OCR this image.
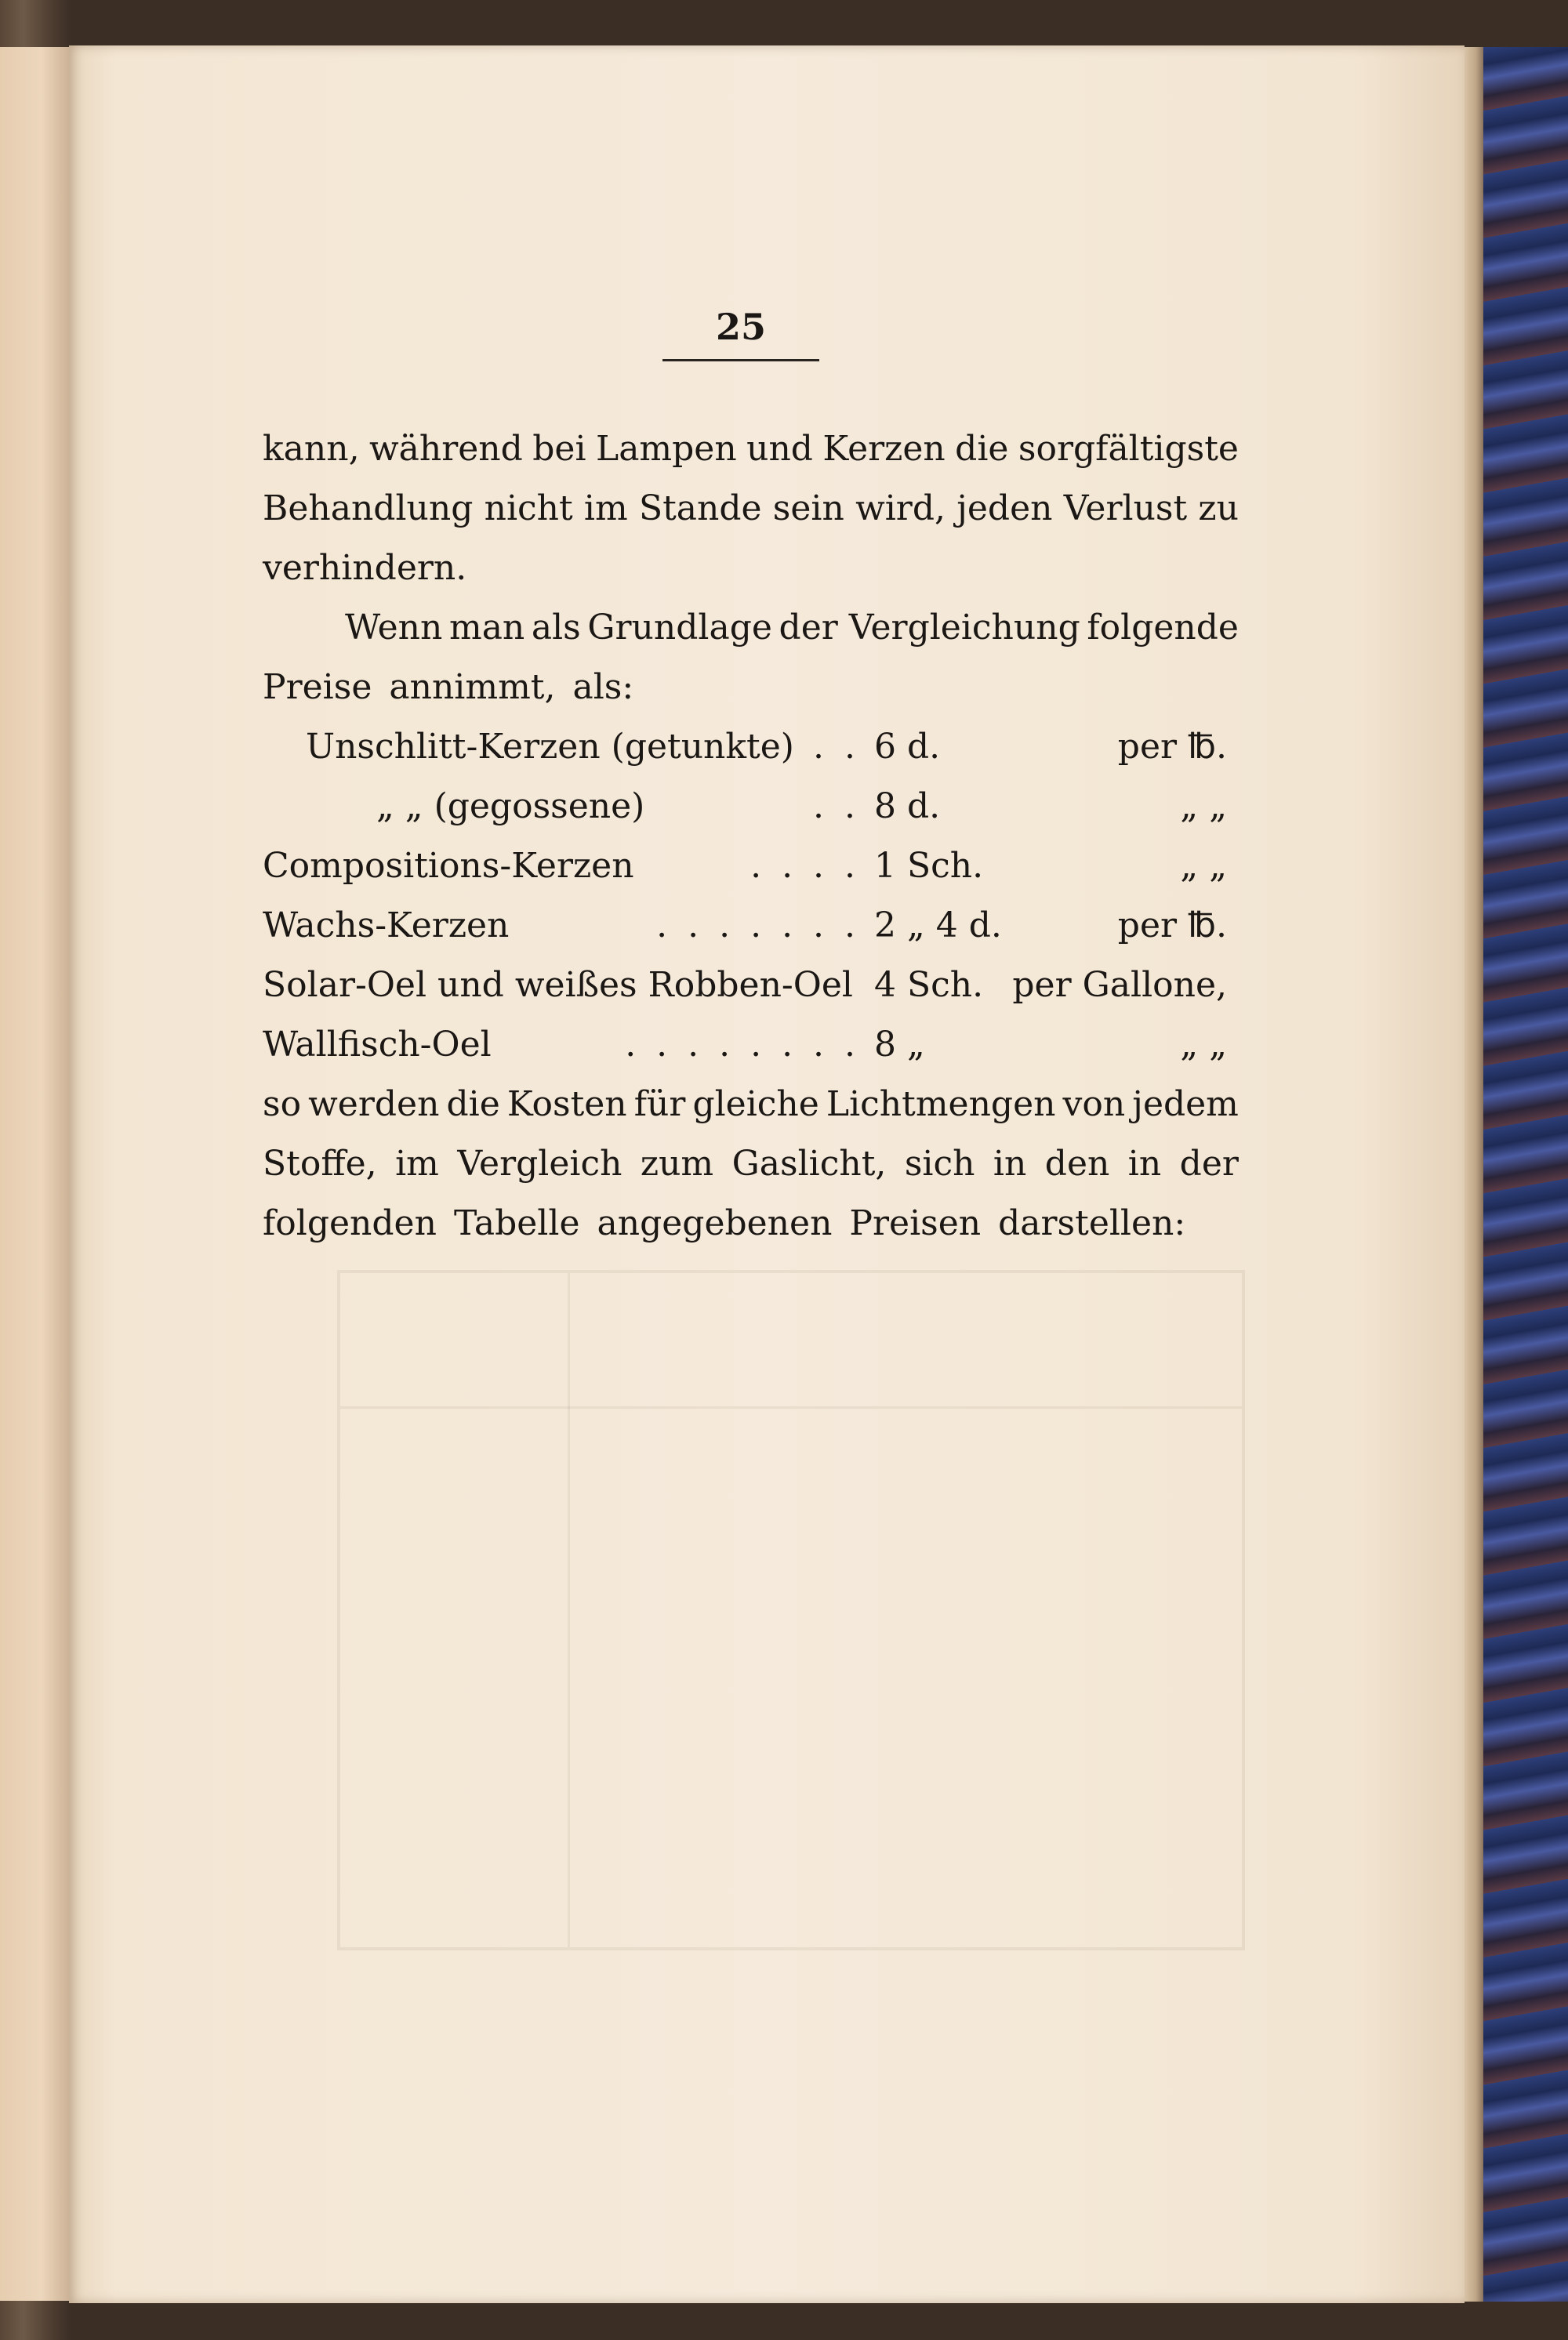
25
kann, während bei Lampen und Kerzen die sorgfältigste
Behandlung nicht im Stande sein wird, jeden Verlust zu
verhindern.
Wenn man als Grundlage der Vergleichung folgende
Preise annimmt, als:
Unschlitt-Kerzen (getunkte) . . 6 d.	per ℔.
„ „ (gegossene)	. . 8 d.	„ „
Compositions-Kerzen	. . . . 1 Sch.	„ „
Wachs-Kerzen	. . . . . . . 2 „ 4 d.	per ℔.
Solar-Oel und weißes Robben-Oel 4 Sch. per Gallone,
Wallfisch-Oel	. . . . . . . . 8 „	„ „
so werden die Kosten für gleiche Lichtmengen von jedem
Stoffe, im Vergleich zum Gaslicht, sich in den in der
folgenden Tabelle angegebenen Preisen darstellen:
